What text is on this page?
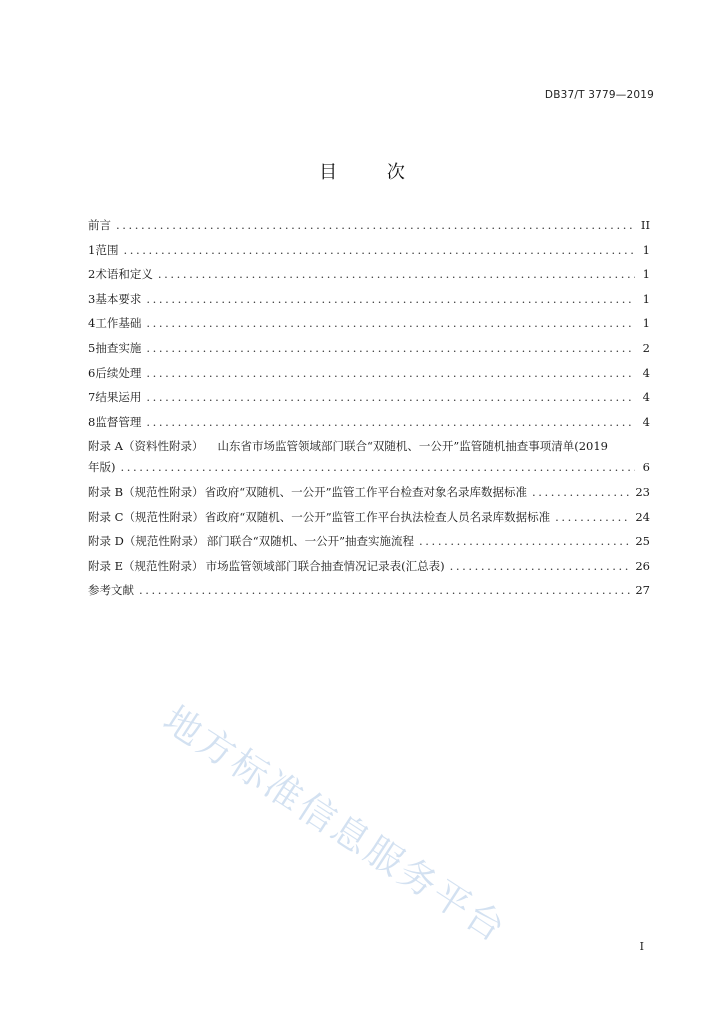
DB37/T 3779—2019
目 次
前言 .....	II
1 范围 .....	1
2 术语和定义 .....	1
3 基本要求 .....	1
4 工作基础 .....	1
5 抽查实施 .....	2
6 后续处理 .....	4
7 结果运用 .....	4
8 监督管理 .....	4
附录 A（资料性附录） 山东省市场监管领域部门联合“双随机、一公开”监管随机抽查事项清单(2019
年版) .....	6
附录 B（规范性附录） 省政府“双随机、一公开”监管工作平台检查对象名录库数据标准 .....	23
附录 C（规范性附录） 省政府“双随机、一公开”监管工作平台执法检查人员名录库数据标准 .....	24
附录 D（规范性附录） 部门联合“双随机、一公开”抽查实施流程 .....	25
附录 E（规范性附录） 市场监管领域部门联合抽查情况记录表(汇总表) .....	26
参考文献 .....	27
地方标准信息服务平台	I
